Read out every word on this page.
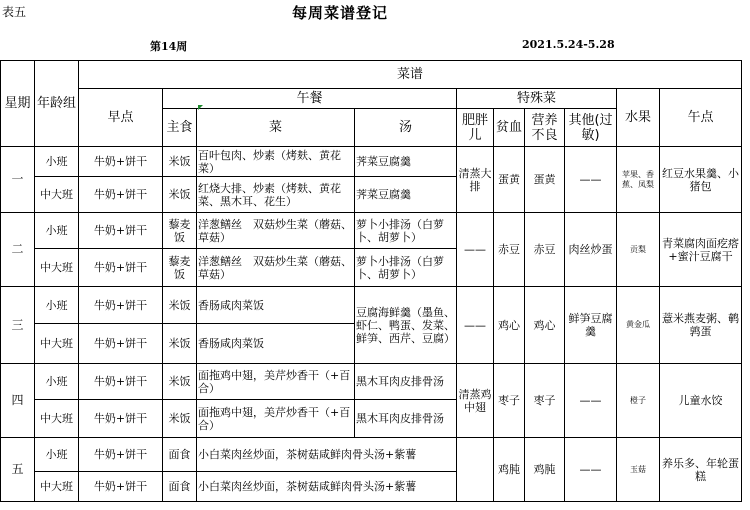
表五	每周菜谱登记
第14周	2021.5.24-5.28
星期	年龄组	菜谱									
		早点	午餐			特殊菜				水果	午点
			主食	菜	汤	肥胖儿	贫血	营养不良	其他(过敏)		
一	小班	牛奶+饼干	米饭	百叶包肉、炒素（烤麸、黄花菜）	荠菜豆腐羹	清蒸大排	蛋黄	蛋黄	——	苹果、香蕉、凤梨	红豆水果羹、小猪包
	中大班	牛奶+饼干	米饭	红烧大排、炒素（烤麸、黄花菜、黑木耳、花生）	荠菜豆腐羹						
二	小班	牛奶+饼干	藜麦饭	洋葱鳝丝　双菇炒生菜（蘑菇、草菇）	萝卜小排汤（白萝卜、胡萝卜）	——	赤豆	赤豆	肉丝炒蛋	贡梨	青菜腐肉面疙瘩+蜜汁豆腐干
	中大班	牛奶+饼干	藜麦饭	洋葱鳝丝　双菇炒生菜（蘑菇、草菇）	萝卜小排汤（白萝卜、胡萝卜）						
三	小班	牛奶+饼干	米饭	香肠咸肉菜饭	豆腐海鲜羹（墨鱼、虾仁、鸭蛋、发菜、鲜笋、西芹、豆腐）	——	鸡心	鸡心	鲜笋豆腐羹	黄金瓜	薏米燕麦粥、鹌鹑蛋
	中大班	牛奶+饼干	米饭	香肠咸肉菜饭							
四	小班	牛奶+饼干	米饭	面拖鸡中翅，美芹炒香干（+百合）	黑木耳肉皮排骨汤	清蒸鸡中翅	枣子	枣子	——	橙子	儿童水饺
	中大班	牛奶+饼干	米饭	面拖鸡中翅，美芹炒香干（+百合）	黑木耳肉皮排骨汤						
五	小班	牛奶+饼干	面食	小白菜肉丝炒面，茶树菇咸鲜肉骨头汤+紫薯			鸡肫	鸡肫	——	玉菇	养乐多、年轮蛋糕
	中大班	牛奶+饼干	面食	小白菜肉丝炒面，茶树菇咸鲜肉骨头汤+紫薯							
